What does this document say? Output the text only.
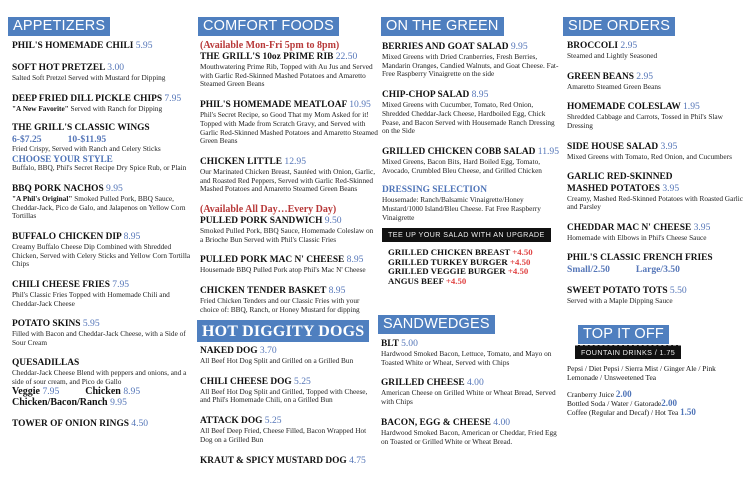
APPETIZERS
PHIL'S HOMEMADE CHILI 5.95
SOFT HOT PRETZEL 3.00
Salted Soft Pretzel Served with Mustard for Dipping
DEEP FRIED DILL PICKLE CHIPS 7.95
"A New Favorite" Served with Ranch for Dipping
THE GRILL'S CLASSIC WINGS
6-$7.25	10-$11.95
Fried Crispy, Served with Ranch and Celery Sticks
CHOOSE YOUR STYLE
Buffalo, BBQ, Phil's Secret Recipe Dry Spice Rub, or Plain
BBQ PORK NACHOS 9.95
"A Phil's Original" Smoked Pulled Pork, BBQ Sauce, Cheddar-Jack, Pico de Galo, and Jalapenos on Yellow Corn Tortillas
BUFFALO CHICKEN DIP 8.95
Creamy Buffalo Cheese Dip Combined with Shredded Chicken, Served with Celery Sticks and Yellow Corn Tortilla Chips
CHILI CHEESE FRIES 7.95
Phil's Classic Fries Topped with Homemade Chili and Cheddar-Jack Cheese
POTATO SKINS 5.95
Filled with Bacon and Cheddar-Jack Cheese, with a Side of Sour Cream
QUESADILLAS
Cheddar-Jack Cheese Blend with peppers and onions, and a side of sour cream, and Pico de Gallo
Veggie 7.95	Chicken 8.95
Chicken/Bacon/Ranch 9.95
TOWER OF ONION RINGS 4.50
COMFORT FOODS
(Available Mon-Fri 5pm to 8pm)
THE GRILL'S 10oz PRIME RIB 22.50
Mouthwatering Prime Rib, Topped with Au Jus and Served with Garlic Red-Skinned Mashed Potatoes and Amaretto Steamed Green Beans
PHIL'S HOMEMADE MEATLOAF 10.95
Phil's Secret Recipe, so Good That my Mom Asked for it! Topped with Made from Scratch Gravy, and Served with Garlic Red-Skinned Mashed Potatoes and Amaretto Steamed Green Beans
CHICKEN LITTLE 12.95
Our Marinated Chicken Breast, Sautéed with Onion, Garlic, and Roasted Red Peppers, Served with Garlic Red-Skinned Mashed Potatoes and Amaretto Steamed Green Beans
(Available All Day…Every Day)
PULLED PORK SANDWICH 9.50
Smoked Pulled Pork, BBQ Sauce, Homemade Coleslaw on a Brioche Bun Served with Phil's Classic Fries
PULLED PORK MAC N' CHEESE 8.95
Housemade BBQ Pulled Pork atop Phil's Mac N' Cheese
CHICKEN TENDER BASKET 8.95
Fried Chicken Tenders and our Classic Fries with your choice of: BBQ, Ranch, or Honey Mustard for dipping
HOT DIGGITY DOGS
NAKED DOG 3.70
All Beef Hot Dog Split and Grilled on a Grilled Bun
CHILI CHEESE DOG 5.25
All Beef Hot Dog Split and Grilled, Topped with Cheese, and Phil's Homemade Chili, on a Grilled Bun
ATTACK DOG 5.25
All Beef Deep Fried, Cheese Filled, Bacon Wrapped Hot Dog on a Grilled Bun
KRAUT & SPICY MUSTARD DOG 4.75
ON THE GREEN
BERRIES AND GOAT SALAD 9.95
Mixed Greens with Dried Cranberries, Fresh Berries, Mandarin Oranges, Candied Walnuts, and Goat Cheese. Fat-Free Raspberry Vinaigrette on the side
CHIP-CHOP SALAD 8.95
Mixed Greens with Cucumber, Tomato, Red Onion, Shredded Cheddar-Jack Cheese, Hardboiled Egg, Chick Pease, and Bacon Served with Housemade Ranch Dressing on the Side
GRILLED CHICKEN COBB SALAD 11.95
Mixed Greens, Bacon Bits, Hard Boiled Egg, Tomato, Avocado, Crumbled Bleu Cheese, and Grilled Chicken
DRESSING SELECTION
Housemade: Ranch/Balsamic Vinaigrette/Honey Mustard/1000 Island/Bleu Cheese. Fat Free Raspberry Vinaigrette
TEE UP YOUR SALAD WITH AN UPGRADE
GRILLED CHICKEN BREAST +4.50
GRILLED TURKEY BURGER +4.50
GRILLED VEGGIE BURGER +4.50
ANGUS BEEF +4.50
SANDWEDGES
BLT 5.00
Hardwood Smoked Bacon, Lettuce, Tomato, and Mayo on Toasted White or Wheat, Served with Chips
GRILLED CHEESE 4.00
American Cheese on Grilled White or Wheat Bread, Served with Chips
BACON, EGG & CHEESE 4.00
Hardwood Smoked Bacon, American or Cheddar, Fried Egg on Toasted or Grilled White or Wheat Bread.
SIDE ORDERS
BROCCOLI 2.95
Steamed and Lightly Seasoned
GREEN BEANS 2.95
Amaretto Steamed Green Beans
HOMEMADE COLESLAW 1.95
Shredded Cabbage and Carrots, Tossed in Phil's Slaw Dressing
SIDE HOUSE SALAD 3.95
Mixed Greens with Tomato, Red Onion, and Cucumbers
GARLIC RED-SKINNED
MASHED POTATOES 3.95
Creamy, Mashed Red-Skinned Potatoes with Roasted Garlic and Parsley
CHEDDAR MAC N' CHEESE 3.95
Homemade with Elbows in Phil's Cheese Sauce
PHIL'S CLASSIC FRENCH FRIES
Small/2.50	Large/3.50
SWEET POTATO TOTS 5.50
Served with a Maple Dipping Sauce
TOP IT OFF
FOUNTAIN DRINKS / 1.75
Pepsi / Diet Pepsi / Sierra Mist / Ginger Ale / Pink Lemonade / Unsweetened Tea
Cranberry Juice 2.00
Bottled Soda / Water / Gatorade2.00
Coffee (Regular and Decaf) / Hot Tea 1.50
